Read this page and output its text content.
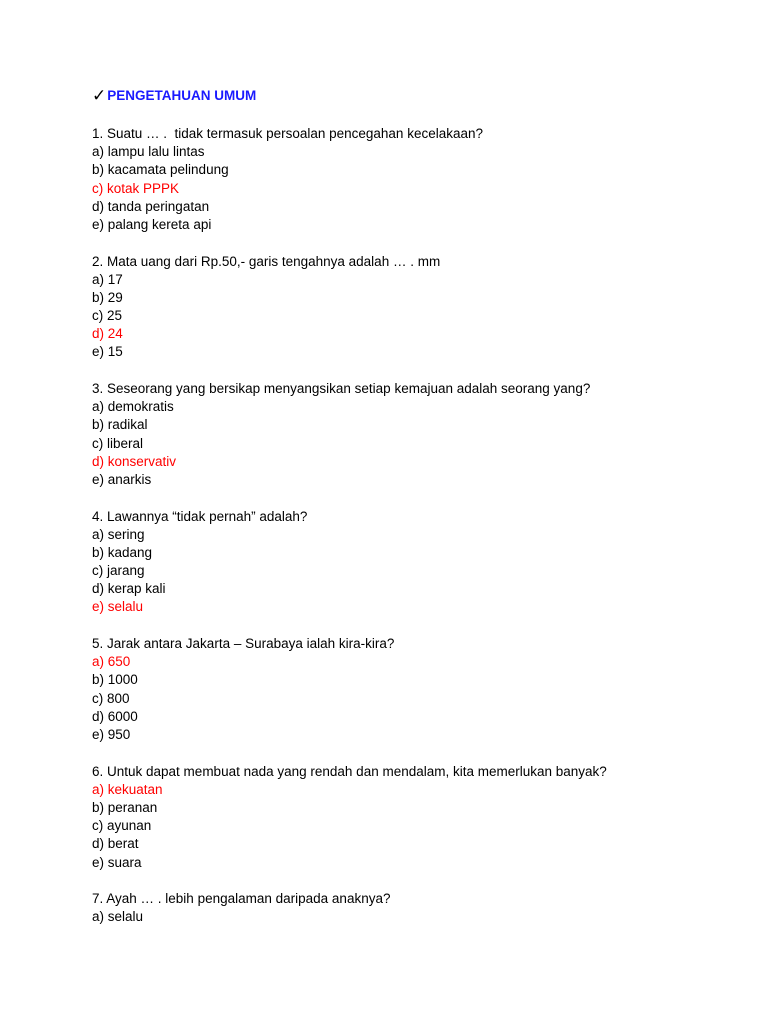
✓ PENGETAHUAN UMUM
1. Suatu … .  tidak termasuk persoalan pencegahan kecelakaan?
a) lampu lalu lintas
b) kacamata pelindung
c) kotak PPPK
d) tanda peringatan
e) palang kereta api
2. Mata uang dari Rp.50,- garis tengahnya adalah … . mm
a) 17
b) 29
c) 25
d) 24
e) 15
3. Seseorang yang bersikap menyangsikan setiap kemajuan adalah seorang yang?
a) demokratis
b) radikal
c) liberal
d) konservativ
e) anarkis
4. Lawannya “tidak pernah” adalah?
a) sering
b) kadang
c) jarang
d) kerap kali
e) selalu
5. Jarak antara Jakarta – Surabaya ialah kira-kira?
a) 650
b) 1000
c) 800
d) 6000
e) 950
6. Untuk dapat membuat nada yang rendah dan mendalam, kita memerlukan banyak?
a) kekuatan
b) peranan
c) ayunan
d) berat
e) suara
7. Ayah … . lebih pengalaman daripada anaknya?
a) selalu
